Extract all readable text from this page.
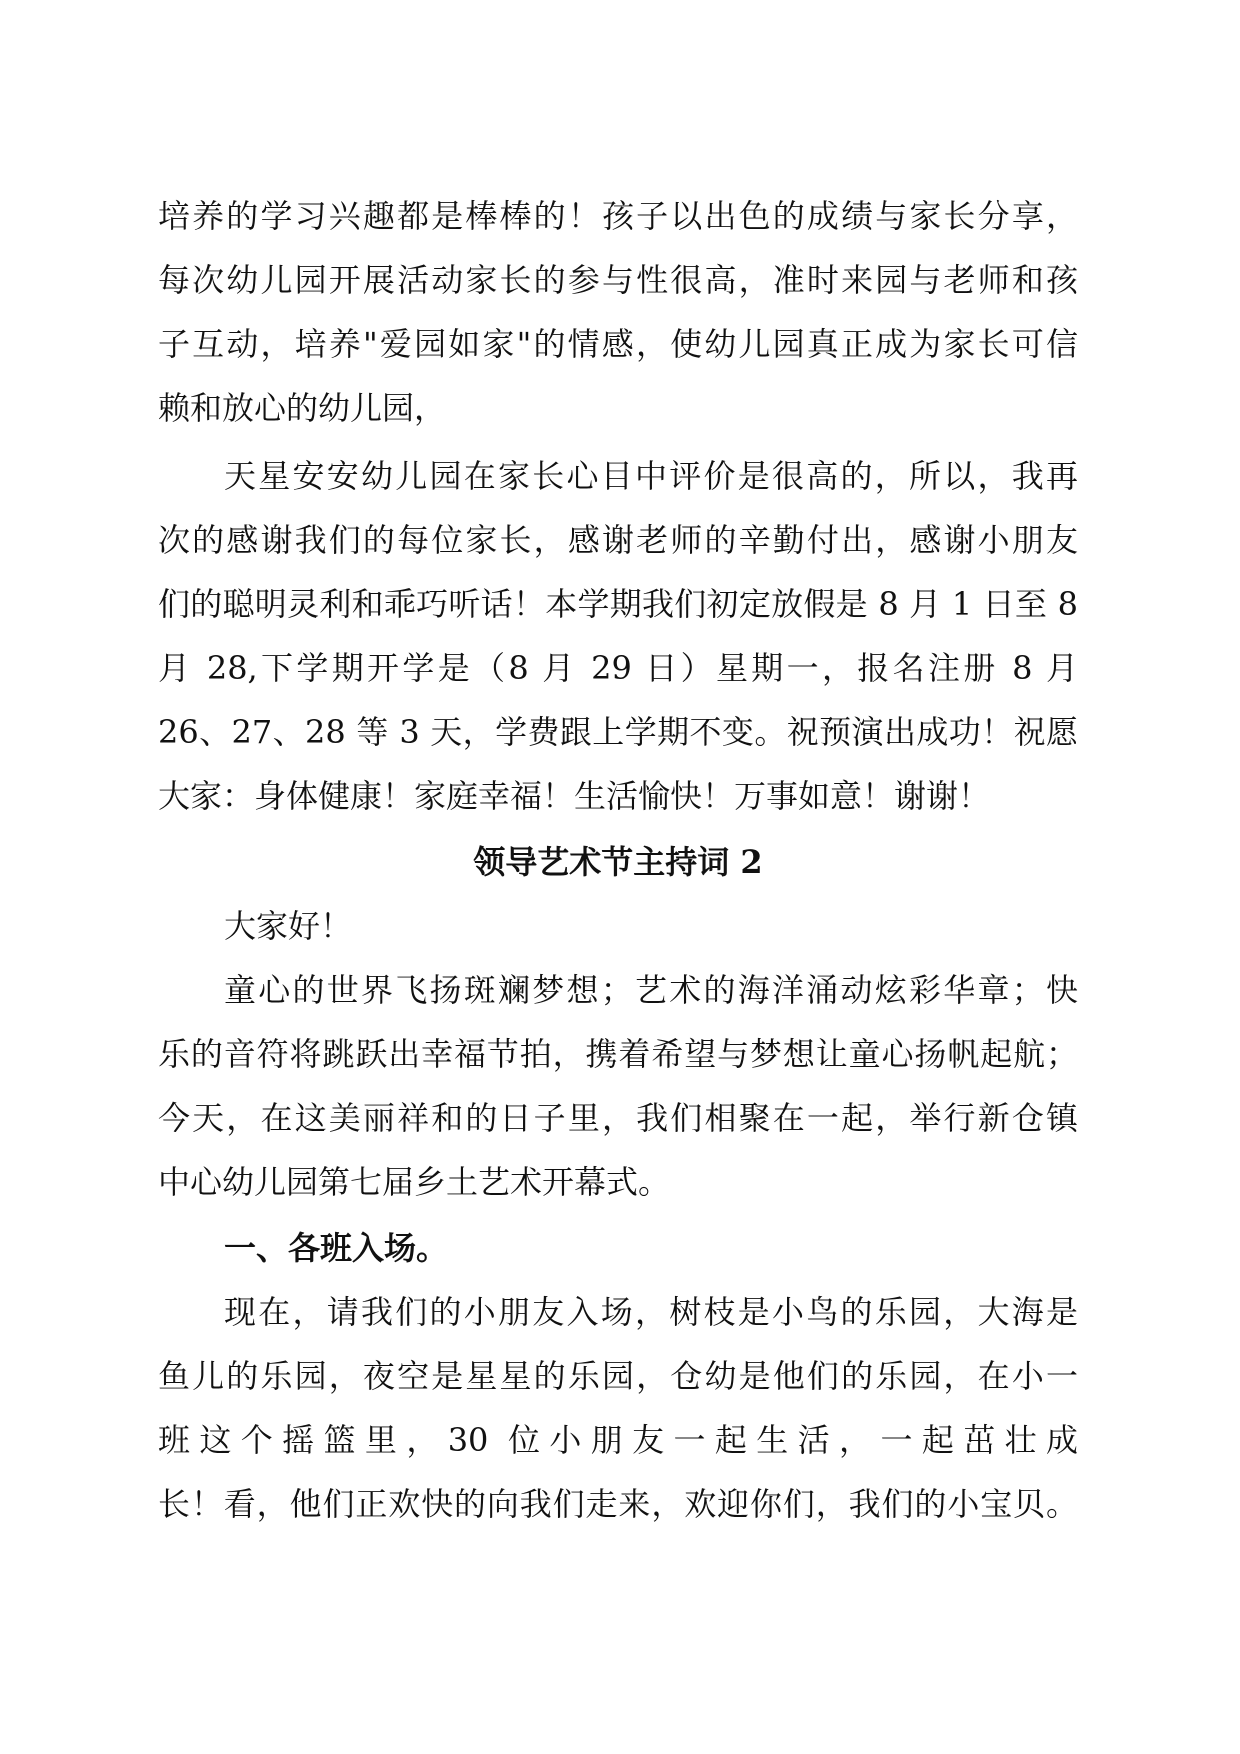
培养的学习兴趣都是棒棒的！孩子以出色的成绩与家长分享，
每次幼儿园开展活动家长的参与性很高，准时来园与老师和孩
子互动，培养"爱园如家"的情感，使幼儿园真正成为家长可信
赖和放心的幼儿园，
天星安安幼儿园在家长心目中评价是很高的，所以，我再
次的感谢我们的每位家长，感谢老师的辛勤付出，感谢小朋友
们的聪明灵利和乖巧听话！本学期我们初定放假是 8 月 1 日至 8
月 28,下学期开学是（8 月 29 日）星期一，报名注册 8 月
26、27、28 等 3 天，学费跟上学期不变。祝预演出成功！祝愿
大家：身体健康！家庭幸福！生活愉快！万事如意！谢谢！
领导艺术节主持词 2
大家好！
童心的世界飞扬斑斓梦想；艺术的海洋涌动炫彩华章；快
乐的音符将跳跃出幸福节拍，携着希望与梦想让童心扬帆起航；
今天，在这美丽祥和的日子里，我们相聚在一起，举行新仓镇
中心幼儿园第七届乡土艺术开幕式。
一、各班入场。
现在，请我们的小朋友入场，树枝是小鸟的乐园，大海是
鱼儿的乐园，夜空是星星的乐园，仓幼是他们的乐园，在小一
班这个摇篮里，30 位小朋友一起生活，一起茁壮成
长！看，他们正欢快的向我们走来，欢迎你们，我们的小宝贝。
